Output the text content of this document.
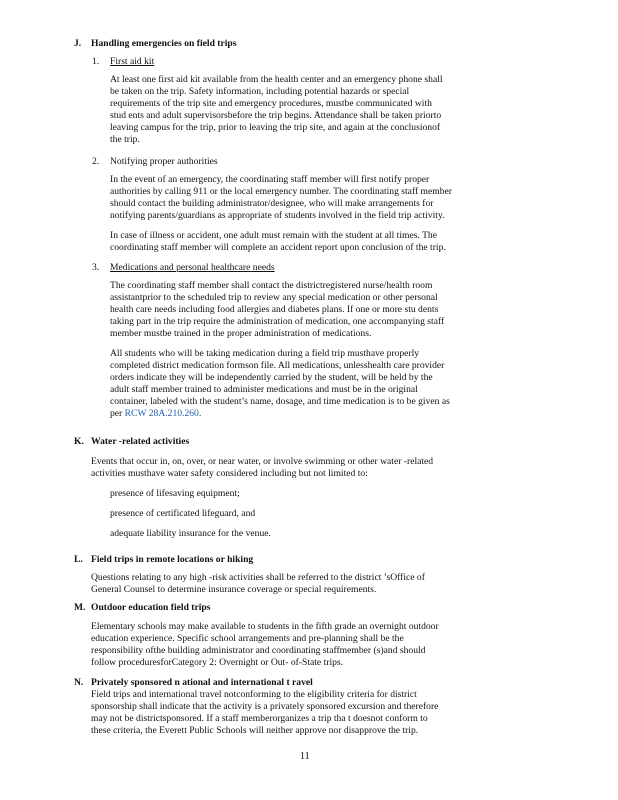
J. Handling emergencies on field trips
1. First aid kit
At least one first aid kit available from the health center and an emergency phone shall
be taken on the trip. Safety information, including potential hazards or special
requirements of the trip site and emergency procedures, mustbe communicated with
stud ents and adult supervisorsbefore the trip begins. Attendance shall be taken priorto
leaving campus for the trip, prior to leaving the trip site, and again at the conclusionof
the trip.
2. Notifying proper authorities
In the event of an emergency, the coordinating staff member will first notify proper
authorities by calling 911 or the local emergency number. The coordinating staff member
should contact the building administrator/designee, who will make arrangements for
notifying parents/guardians as appropriate of students involved in the field trip activity.
In case of illness or accident, one adult must remain with the student at all times. The
coordinating staff member will complete an accident report upon conclusion of the trip.
3. Medications and personal healthcare needs
The coordinating staff member shall contact the districtregistered nurse/health room
assistantprior to the scheduled trip to review any special medication or other personal
health care needs including food allergies and diabetes plans. If one or more stu dents
taking part in the trip require the administration of medication, one accompanying staff
member mustbe trained in the proper administration of medications.
All students who will be taking medication during a field trip musthave properly
completed district medication formson file. All medications, unlesshealth care provider
orders indicate they will be independently carried by the student, will be held by the
adult staff member trained to administer medications and must be in the original
container, labeled with the student’s name, dosage, and time medication is to be given as
per RCW 28A.210.260.
K. Water -related activities
Events that occur in, on, over, or near water, or involve swimming or other water -related
activities musthave water safety considered including but not limited to:
presence of lifesaving equipment;
presence of certificated lifeguard, and
adequate liability insurance for the venue.
L. Field trips in remote locations or hiking
Questions relating to any high -risk activities shall be referred to the district ’sOffice of
General Counsel to determine insurance coverage or special requirements.
M. Outdoor education field trips
Elementary schools may make available to students in the fifth grade an overnight outdoor
education experience. Specific school arrangements and pre-planning shall be the
responsibility ofthe building administrator and coordinating staffmember (s)and should
follow proceduresforCategory 2: Overnight or Out- of-State trips.
N. Privately sponsored n ational and international t ravel
Field trips and international travel notconforming to the eligibility criteria for district
sponsorship shall indicate that the activity is a privately sponsored excursion and therefore
may not be districtsponsored. If a staff memberorganizes a trip tha t doesnot conform to
these criteria, the Everett Public Schools will neither approve nor disapprove the trip.
11
